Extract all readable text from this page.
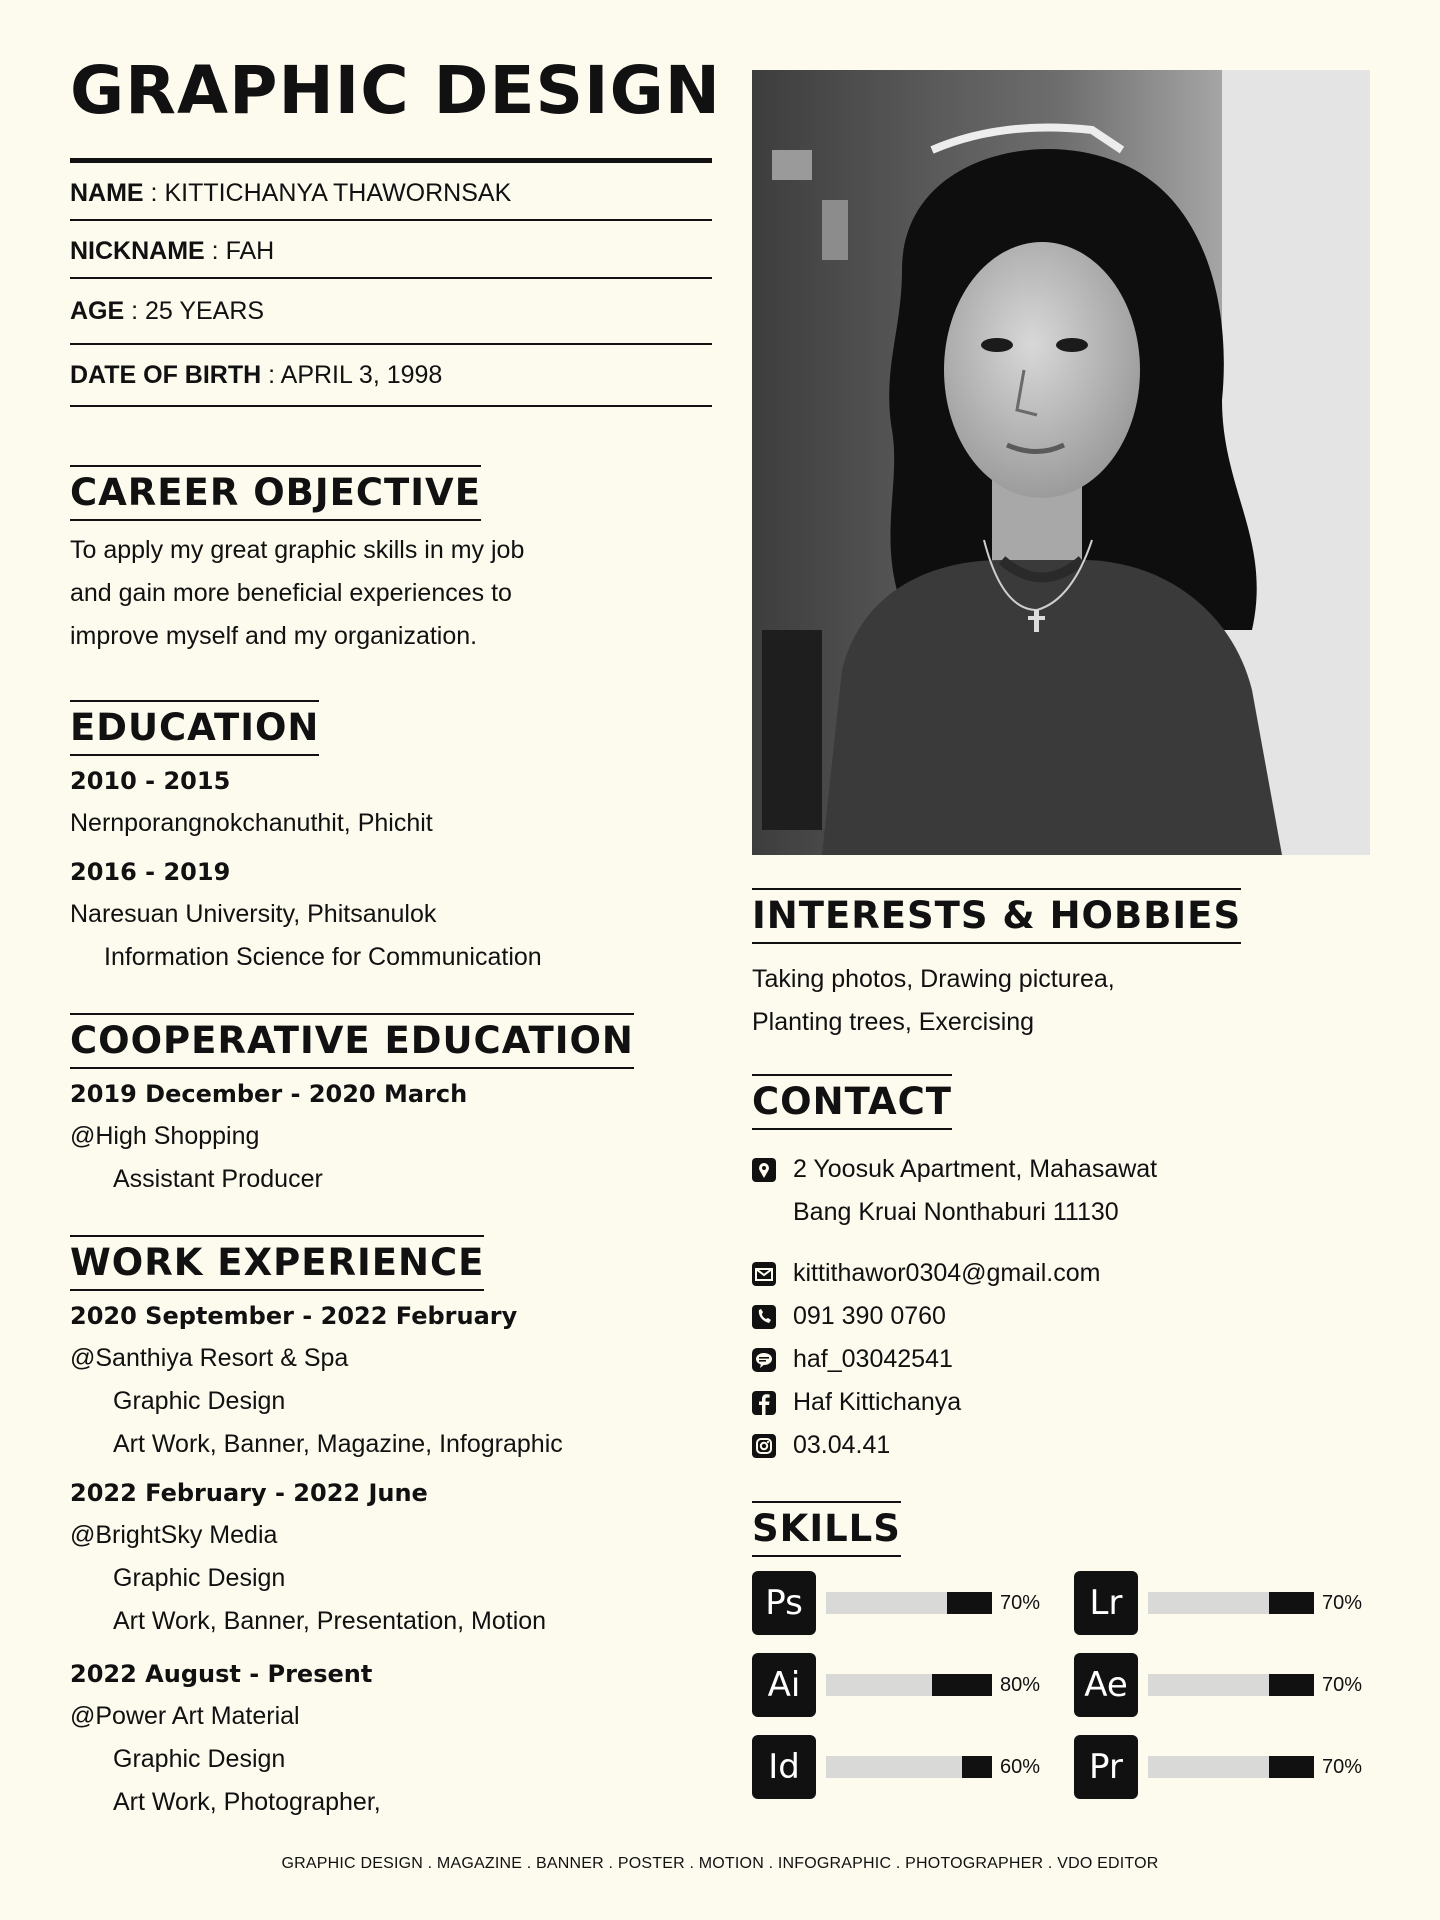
GRAPHIC DESIGN
NAME : KITTICHANYA THAWORNSAK
NICKNAME : FAH
AGE : 25 YEARS
DATE OF BIRTH : APRIL 3, 1998
CAREER OBJECTIVE
To apply my great graphic skills in my job
and gain more beneficial experiences to
improve myself and my organization.
EDUCATION
2010 - 2015
Nernporangnokchanuthit, Phichit
2016 - 2019
Naresuan University, Phitsanulok
Information Science for Communication
COOPERATIVE EDUCATION
2019 December - 2020 March
@High Shopping
Assistant Producer
WORK EXPERIENCE
2020 September - 2022 February
@Santhiya Resort & Spa
Graphic Design
Art Work, Banner, Magazine, Infographic
2022 February - 2022 June
@BrightSky Media
Graphic Design
Art Work, Banner, Presentation, Motion
2022 August - Present
@Power Art Material
Graphic Design
Art Work, Photographer,
INTERESTS & HOBBIES
Taking photos, Drawing picturea,
Planting trees, Exercising
CONTACT
2 Yoosuk Apartment, Mahasawat
Bang Kruai Nonthaburi 11130
kittithawor0304@gmail.com
091 390 0760
haf_03042541
Haf Kittichanya
03.04.41
SKILLS
Ps	70%	Lr	70%
Ai	80%	Ae	70%
Id	60%	Pr	70%
GRAPHIC DESIGN . MAGAZINE . BANNER . POSTER . MOTION . INFOGRAPHIC . PHOTOGRAPHER . VDO EDITOR
